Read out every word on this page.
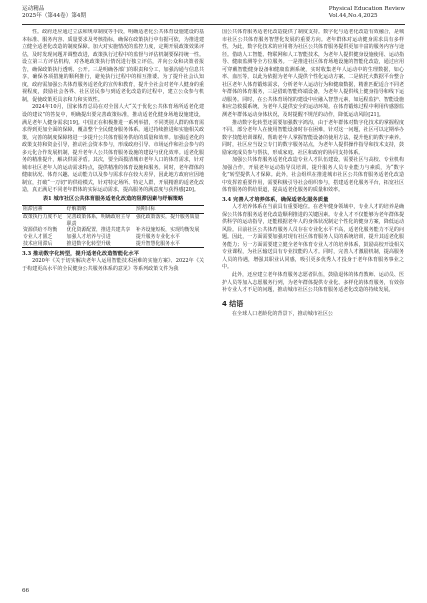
运动精品
2025年（第44卷）第4期
Physical Education Review
Vol.44,No.4,2025

性。政府还应通过立法和规章制度等手段，明确适老化公共体育设施建设的基本标准、服务内容、质量要求及考核指标，确保在政策执行中有据可依，为推进建立健全适老化改造的制度保障。加大对实施情况的监控力度，定期开展政策效果评估，及时发现问题并调整改进，政策执行过程中的监督与评估机制要保持统一性。设立第三方评估机构，对各地政策执行情况进行独立评估，并向公众和决策者报告，确保政策执行透明、公开。三是明确各部门的职责和分工，加强沟通与信息共享，确保各项措施的顺利推行，避免执行过程中的相互推诿。为了提升社会认知度，政府需加强公共体育服务适老化的宣传和教育，提升全社会对老年人健身的重视程度，鼓励社会各界、社区居民参与到适老化改造的过程中，建立公众参与机制，促使政策更具亲和力和实效性。

2024年10月，国家体育总局在对全国人大“关于优化公共体育场所适老化建设的建议”的答复中，明确提出要完善政策标准，推动适老化健身场地设施建设，满足老年人健身需求[19]。中国正在积极推进一系列举措，不同类别人群的体育需求得到更加全面的保障，覆盖整个全民健身服务体系。通过持续推进和实施相关政策，完善的制度保障将进一步提升公共体育服务供给的质量和效率。加强适老化的政策支持和资金引导，推动社会资本参与，形成政府引导、市场运作和社会参与的多元化合作发展机制，提升老年人公共体育服务设施的建设与优化效率。适老化服务的精准提升，解决供需矛盾。其次，要全面摸清城市老年人口的体育需求，针对城市社区老年人的运动需求特点，提供精准的体育设施和服务。同时，老年群体的健康状况、体育兴趣、运动能力以及参与需求存在较大差异，因此地方政府应因地制宜，打破“一刀切”的供给模式，针对特定场所、特定人群，开展精准的适老化改造，真正满足不同老年群体的实际运动需求，提高服务的满意度与获得感[20]。

表1 城市社区公共体育服务适老化改造的阻滞因素与纾解策略
阻滞因素	纾解策略	预期目标
政策执行力度不足	完善政策体系，明确政府主导职责	强化政策落实，提升服务质量
资源供给不均衡	优化资源配置，推进共建共享	补齐设施短板，实现均衡发展
专业人才匮乏	加强人才培养与引进	提升服务专业化水平
技术应用滞后	推进数字化转型升级	提升智慧化服务水平
3.3 推动数字化转型，提升适老化改造智能化水平

2020年《关于切实解决老年人运用智能技术困难的实施方案》、2022年《关于构建更高水平的全民健身公共服务体系的意见》等系列政策文件为我

国公共体育服务适老化改造提供了制度支持。数字化与适老化改造有效融合，是城市社区公共体育服务智慧化发展的重要方向。老年群体对运动健身需求具有多样性，为此，数字化技术的应用将为社区公共体育服务提供更加丰富的服务内容与途径。借助人工智能、物联网和人工智能技术，为老年人提供健身设施使用、运动指导、健康监测等全方位服务。一是推进社区体育场地设施的智能化改造，通过应用可穿戴智能健身设备和健康监测系统，实时收集老年人运动中的生理数据，如心率、血压等，以此为依据为老年人提供个性化运动方案。二是依托大数据平台整合社区老年人体育锻炼需求，分析老年人运动行为和健康数据，精准匹配适合不同老年群体的体育服务，三是借助智能终端设备，为老年人提供线上健身指导和线下运动服务。同时，在公共体育场馆的建设中应融入智慧元素，如远程监护、智能设施和应急救援系统，为老年人提供安全的运动环境。在体育锻炼过程中利用传感器监测老年群体运动身体状况，及时提醒不规范的动作，降低运动风险[21]。

推动数字化转型还需要加强数字鸿沟，由于老年群体对数字化技术的掌握程度不同，部分老年人在使用智能设备时存在困难，针对这一问题，社区可以定期举办数字技能培训课程，帮助老年人掌握智能设备的使用方法，提升他们的数字素养。同时，社区应当设立专门的数字服务站点，为老年人提供操作指导和技术支持，鼓励家庭成员参与帮扶，形成家庭、社区和政府的协同支持体系。

加强公共体育服务适老化改造专业人才队伍建设，需要社区与高校、专业机构加强合作，开展老年运动指导员培训，提升服务人员专业能力与素质，为“数字化”转型提供人才保障。此外，社会组织在推进城市社区公共体育服务适老化改造中发挥着重要作用，需要积极引导社会组织参与，搭建适老化服务平台，拓宽社区体育服务的供给渠道，提高适老化服务的质量和效率。

3.4 完善人才培养体系，确保适老化服务质量

人才培养体系在当前具有重要地位。在老年健身领域中，专业人才的培养是确保公共体育服务适老化改造顺利推进的关键因素。专业人才不仅能够为老年群体提供科学的运动指导，还能根据老年人的身体状况制定个性化的健身方案，降低运动风险。目前社区公共体育服务人员存在专业化水平不高，适老化服务能力不足的问题。因此，一方面需要加强对现有社区体育服务人员的系统培训，提升其适老化服务能力；另一方面需要建立健全老年体育专业人才的培养体系，鼓励高校开设相关专业课程，为社区输送具有专业技能的人才。同时，完善人才激励机制，提高服务人员的待遇，增强其职业认同感，吸引更多优秀人才投身于老年体育服务事业之中。

此外，还应建立老年体育服务志愿者队伍，鼓励退休的体育教师、运动员、医护人员等加入志愿服务行列，为老年群体提供专业化、多样化的体育服务，有效弥补专业人才不足的问题，推动城市社区公共体育服务适老化改造的持续发展。

4 结语

在全球人口老龄化的背景下，推动城市社区公

66
